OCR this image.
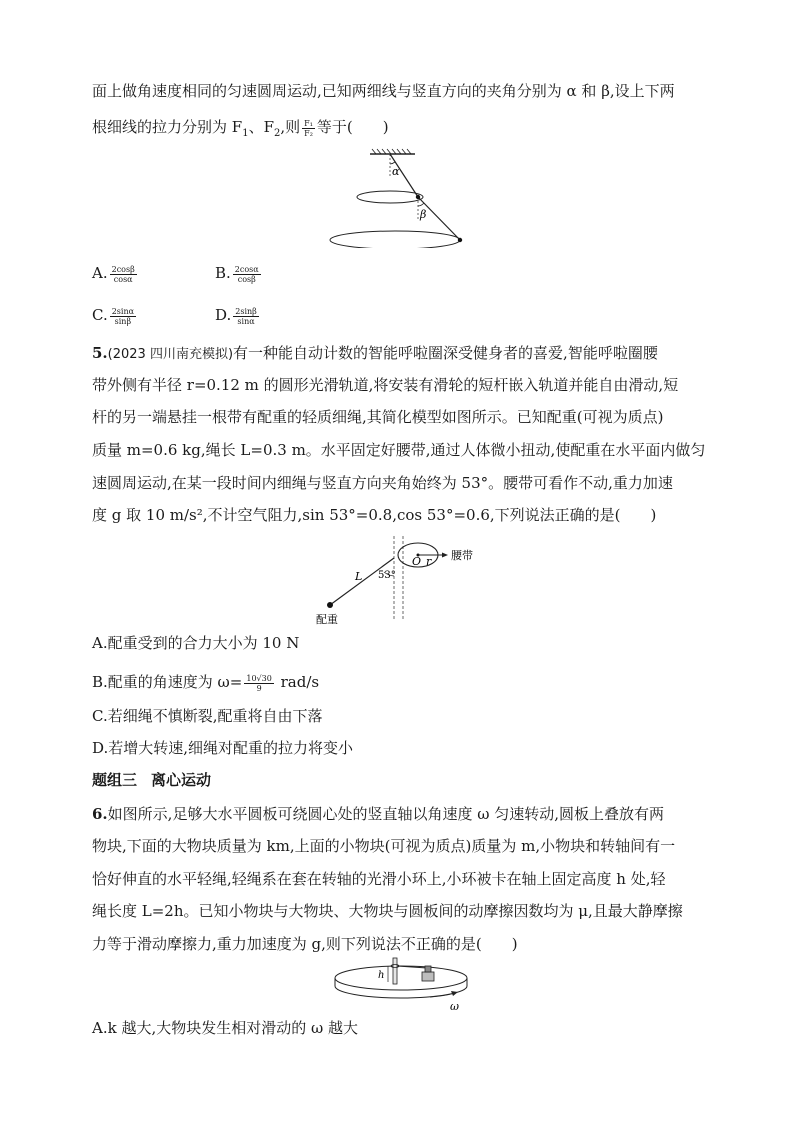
面上做角速度相同的匀速圆周运动,已知两细线与竖直方向的夹角分别为 α 和 β,设上下两
根细线的拉力分别为 $F_1$、$F_2$,则 $\frac{\text{F₁}}{\text{F₂}}$ 等于(　　)
α
β
A. $\frac{2\cos\beta}{\cos\alpha}$	B. $\frac{2\cos\alpha}{\cos\beta}$
C. $\frac{2\sin\alpha}{\sin\beta}$	D. $\frac{2\sin\beta}{\sin\alpha}$
5.(2023 四川南充模拟)有一种能自动计数的智能呼啦圈深受健身者的喜爱,智能呼啦圈腰
带外侧有半径 r=0.12 m 的圆形光滑轨道,将安装有滑轮的短杆嵌入轨道并能自由滑动,短
杆的另一端悬挂一根带有配重的轻质细绳,其简化模型如图所示。已知配重(可视为质点)
质量 m=0.6 kg,绳长 L=0.3 m。水平固定好腰带,通过人体微小扭动,使配重在水平面内做匀
速圆周运动,在某一段时间内细绳与竖直方向夹角始终为 53°。腰带可看作不动,重力加速
度 g 取 10 m/s²,不计空气阻力,sin 53°=0.8,cos 53°=0.6,下列说法正确的是(　　)
L 53°
O r 腰带
配重
A.配重受到的合力大小为 10 N
B.配重的角速度为 $\omega= \frac{10√30}{9} rad/s$
C.若细绳不慎断裂,配重将自由下落
D.若增大转速,细绳对配重的拉力将变小
题组三 离心运动
6.如图所示,足够大水平圆板可绕圆心处的竖直轴以角速度 ω 匀速转动,圆板上叠放有两
物块,下面的大物块质量为 km,上面的小物块(可视为质点)质量为 m,小物块和转轴间有一
恰好伸直的水平轻绳,轻绳系在套在转轴的光滑小环上,小环被卡在轴上固定高度 h 处,轻
绳长度 L=2h。已知小物块与大物块、大物块与圆板间的动摩擦因数均为 μ,且最大静摩擦
力等于滑动摩擦力,重力加速度为 g,则下列说法不正确的是(　　)
h
ω
A.k 越大,大物块发生相对滑动的 ω 越大
